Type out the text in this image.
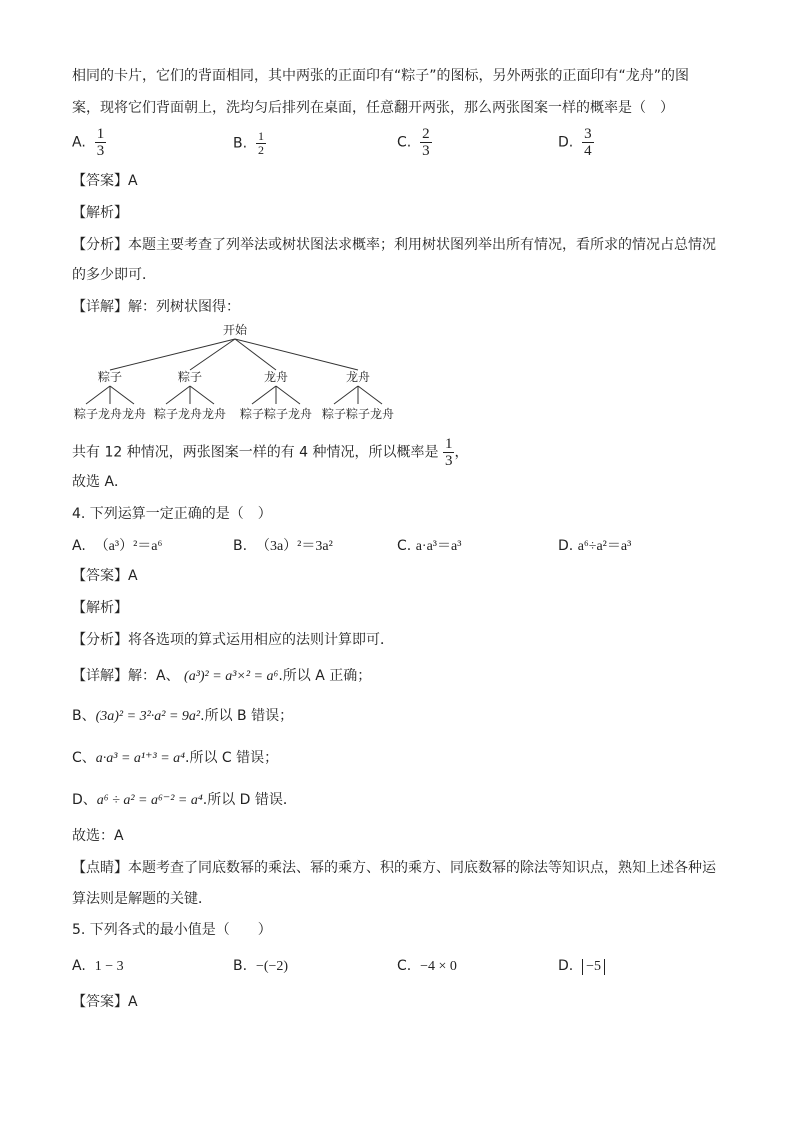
相同的卡片，它们的背面相同，其中两张的正面印有“粽子”的图标，另外两张的正面印有“龙舟”的图
案，现将它们背面朝上，洗均匀后排列在桌面，任意翻开两张，那么两张图案一样的概率是（　）
A. $\frac{1}{3}$	B. $\frac{1}{2}$	C. $\frac{2}{3}$	D. $\frac{3}{4}$
【答案】A
【解析】
【分析】本题主要考查了列举法或树状图法求概率；利用树状图列举出所有情况，看所求的情况占总情况
的多少即可．
【详解】解：列树状图得：
开始
粽子	粽子	龙舟	龙舟
粽子龙舟龙舟 粽子龙舟龙舟 粽子粽子龙舟 粽子粽子龙舟
共有 12 种情况，两张图案一样的有 4 种情况，所以概率是 $\frac{1}{3}$ ，
故选 A．
4. 下列运算一定正确的是（　）
A. （a³）²＝a⁶	B. （3a）²＝3a²	C. a·a³＝a³	D. a⁶÷a²＝a³
【答案】A
【解析】
【分析】将各选项的算式运用相应的法则计算即可．
【详解】解：A、 (a³)² = a³×² = a⁶.所以 A 正确；
B、(3a)² = 3²·a² = 9a².所以 B 错误；
C、a·a³ = a¹⁺³ = a⁴.所以 C 错误；
D、a⁶ ÷ a² = a⁶⁻² = a⁴.所以 D 错误．
故选：A
【点睛】本题考查了同底数幂的乘法、幂的乘方、积的乘方、同底数幂的除法等知识点，熟知上述各种运
算法则是解题的关键．
5. 下列各式的最小值是（　　）
A. 1 − 3	B. −(−2)	C. −4 × 0	D. −5
【答案】A
